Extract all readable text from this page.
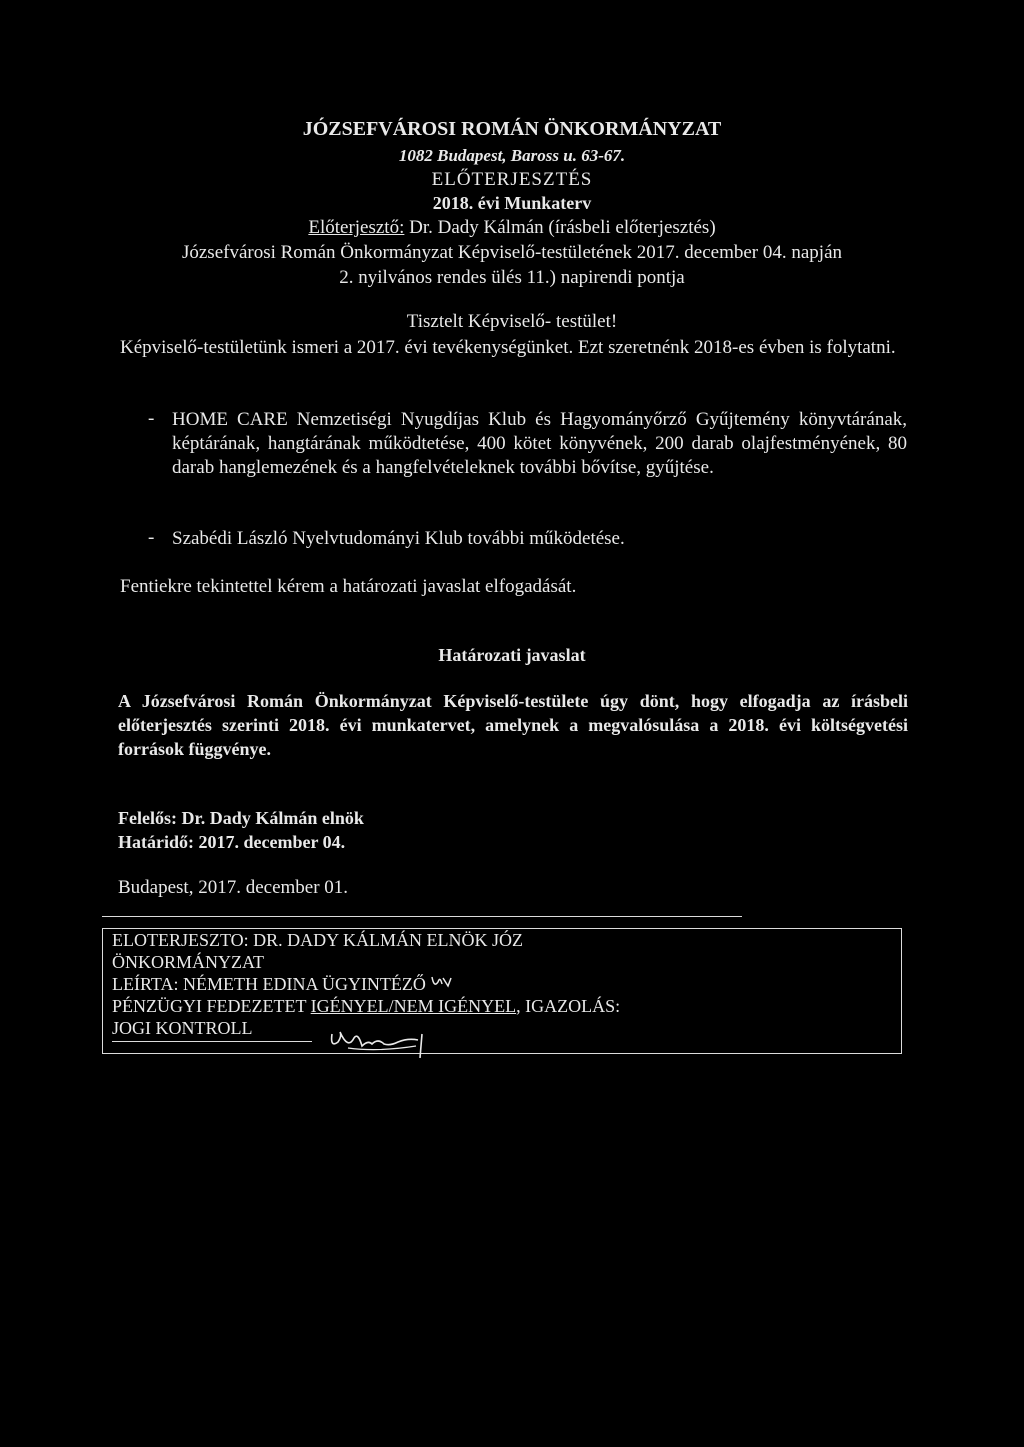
JÓZSEFVÁROSI ROMÁN ÖNKORMÁNYZAT
1082 Budapest, Baross u. 63-67.
ELŐTERJESZTÉS
2018. évi Munkaterv
Előterjesztő: Dr. Dady Kálmán (írásbeli előterjesztés)
Józsefvárosi Román Önkormányzat Képviselő-testületének 2017. december 04. napján
2. nyilvános rendes ülés 11.) napirendi pontja
Tisztelt Képviselő- testület!
Képviselő-testületünk ismeri a 2017. évi tevékenységünket. Ezt szeretnénk 2018-es évben is folytatni.
- HOME CARE Nemzetiségi Nyugdíjas Klub és Hagyományőrző Gyűjtemény könyvtárának, képtárának, hangtárának működtetése, 400 kötet könyvének, 200 darab olajfestményének, 80 darab hanglemezének és a hangfelvételeknek további bővítse, gyűjtése.
- Szabédi László Nyelvtudományi Klub további működetése.
Fentiekre tekintettel kérem a határozati javaslat elfogadását.
Határozati javaslat
A Józsefvárosi Román Önkormányzat Képviselő-testülete úgy dönt, hogy elfogadja az írásbeli előterjesztés szerinti 2018. évi munkatervet, amelynek a megvalósulása a 2018. évi költségvetési források függvénye.
Felelős: Dr. Dady Kálmán elnök
Határidő: 2017. december 04.
Budapest, 2017. december 01.
ELOTERJESZTO: DR. DADY KÁLMÁN ELNÖK JÓZ
ÖNKORMÁNYZAT
LEÍRTA: NÉMETH EDINA ÜGYINTÉZŐ
PÉNZÜGYI FEDEZETET IGÉNYEL/NEM IGÉNYEL, IGAZOLÁS:
JOGI KONTROLL
